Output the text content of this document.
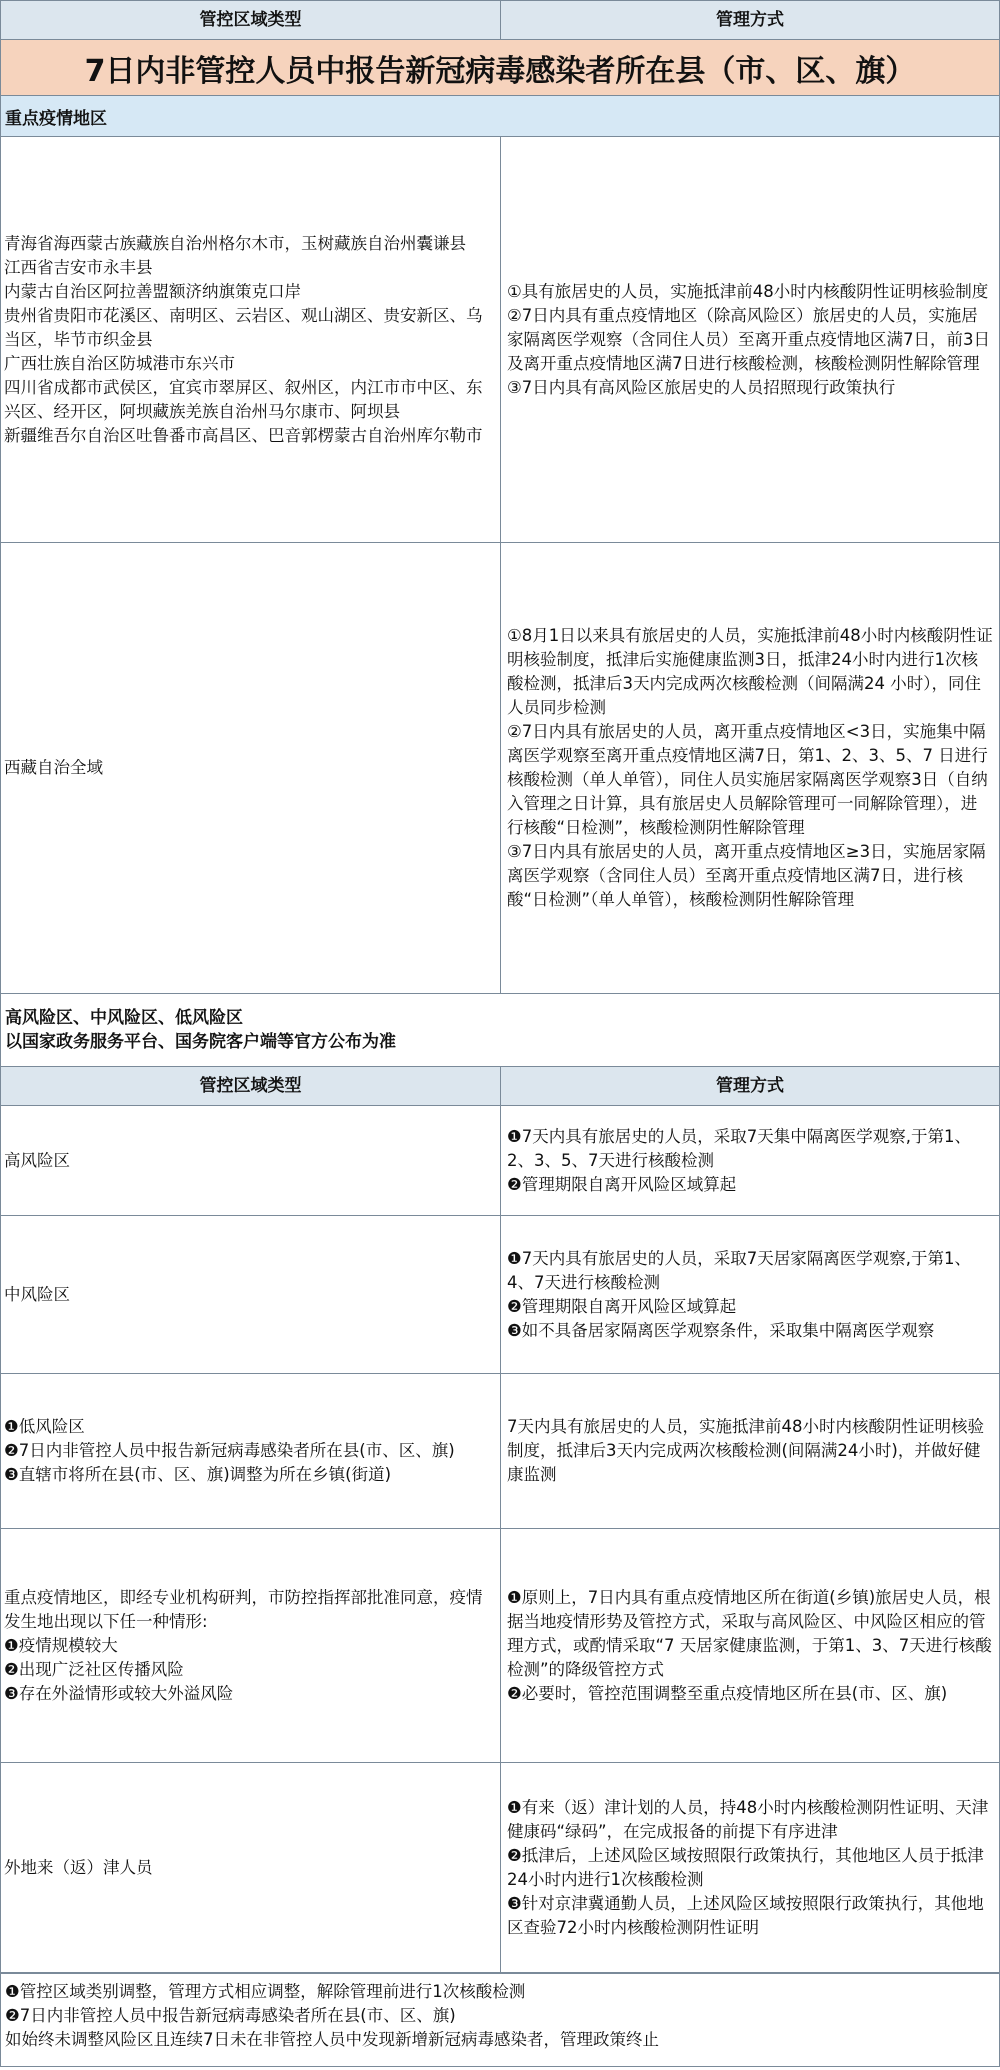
管控区域类型	管理方式
7日内非管控人员中报告新冠病毒感染者所在县（市、区、旗）
重点疫情地区
青海省海西蒙古族藏族自治州格尔木市，玉树藏族自治州囊谦县
江西省吉安市永丰县
内蒙古自治区阿拉善盟额济纳旗策克口岸
贵州省贵阳市花溪区、南明区、云岩区、观山湖区、贵安新区、乌当区，毕节市织金县
广西壮族自治区防城港市东兴市
四川省成都市武侯区，宜宾市翠屏区、叙州区，内江市市中区、东兴区、经开区，阿坝藏族羌族自治州马尔康市、阿坝县
新疆维吾尔自治区吐鲁番市高昌区、巴音郭楞蒙古自治州库尔勒市
①具有旅居史的人员，实施抵津前48小时内核酸阴性证明核验制度
②7日内具有重点疫情地区（除高风险区）旅居史的人员，实施居家隔离医学观察（含同住人员）至离开重点疫情地区满7日，前3日及离开重点疫情地区满7日进行核酸检测，核酸检测阴性解除管理
③7日内具有高风险区旅居史的人员招照现行政策执行
西藏自治全域
①8月1日以来具有旅居史的人员，实施抵津前48小时内核酸阴性证明核验制度，抵津后实施健康监测3日，抵津24小时内进行1次核酸检测，抵津后3天内完成两次核酸检测（间隔满24 小时），同住人员同步检测
②7日内具有旅居史的人员，离开重点疫情地区<3日，实施集中隔离医学观察至离开重点疫情地区满7日，第1、2、3、5、7 日进行核酸检测（单人单管），同住人员实施居家隔离医学观察3日（自纳入管理之日计算，具有旅居史人员解除管理可一同解除管理），进行核酸“日检测”，核酸检测阴性解除管理
③7日内具有旅居史的人员，离开重点疫情地区≥3日，实施居家隔离医学观察（含同住人员）至离开重点疫情地区满7日，进行核酸“日检测”（单人单管），核酸检测阴性解除管理
高风险区、中风险区、低风险区
以国家政务服务平台、国务院客户端等官方公布为准
管控区域类型	管理方式
高风险区
❶7天内具有旅居史的人员，采取7天集中隔离医学观察,于第1、2、3、5、7天进行核酸检测
❷管理期限自离开风险区域算起
中风险区
❶7天内具有旅居史的人员，采取7天居家隔离医学观察,于第1、4、7天进行核酸检测
❷管理期限自离开风险区域算起
❸如不具备居家隔离医学观察条件，采取集中隔离医学观察
❶低风险区
❷7日内非管控人员中报告新冠病毒感染者所在县(市、区、旗)
❸直辖市将所在县(市、区、旗)调整为所在乡镇(街道)
7天内具有旅居史的人员，实施抵津前48小时内核酸阴性证明核验制度，抵津后3天内完成两次核酸检测(间隔满24小时)，并做好健康监测
重点疫情地区，即经专业机构研判，市防控指挥部批准同意，疫情发生地出现以下任一种情形:
❶疫情规模较大
❷出现广泛社区传播风险
❸存在外溢情形或较大外溢风险
❶原则上，7日内具有重点疫情地区所在街道(乡镇)旅居史人员，根据当地疫情形势及管控方式，采取与高风险区、中风险区相应的管理方式，或酌情采取“7 天居家健康监测，于第1、3、7天进行核酸检测”的降级管控方式
❷必要时，管控范围调整至重点疫情地区所在县(市、区、旗)
外地来（返）津人员
❶有来（返）津计划的人员，持48小时内核酸检测阴性证明、天津健康码“绿码”，在完成报备的前提下有序进津
❷抵津后，上述风险区域按照限行政策执行，其他地区人员于抵津24小时内进行1次核酸检测
❸针对京津冀通勤人员，上述风险区域按照限行政策执行，其他地区查验72小时内核酸检测阴性证明
❶管控区域类别调整，管理方式相应调整，解除管理前进行1次核酸检测
❷7日内非管控人员中报告新冠病毒感染者所在县(市、区、旗)
如始终未调整风险区且连续7日未在非管控人员中发现新增新冠病毒感染者，管理政策终止
